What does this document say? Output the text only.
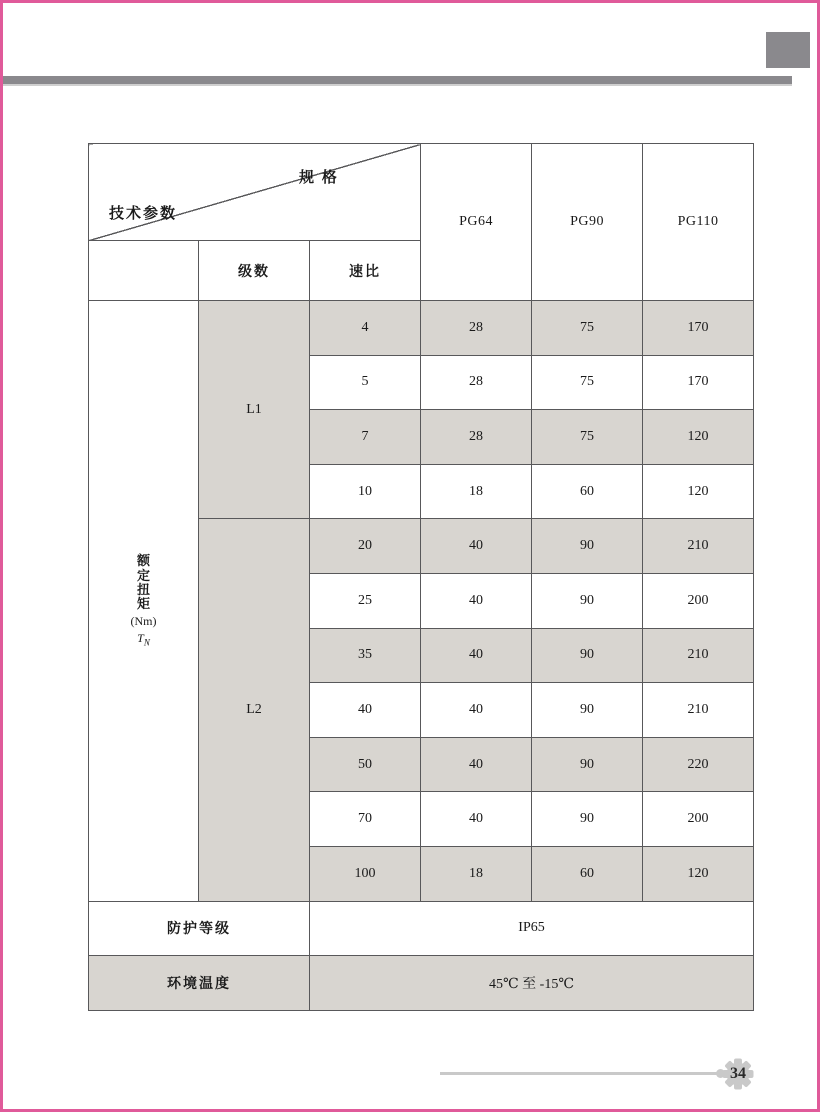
规 格
技术参数			PG64	PG90	PG110
	级数	速比			

额定扭矩
(Nm)
$T_N$	L1	4	28	75	170
		5	28	75	170
		7	28	75	120
		10	18	60	120
	L2	20	40	90	210
		25	40	90	200
		35	40	90	210
		40	40	90	210
		50	40	90	220
		70	40	90	200
		100	18	60	120
防护等级		IP65			
环境温度		45℃ 至 -15℃			
34
